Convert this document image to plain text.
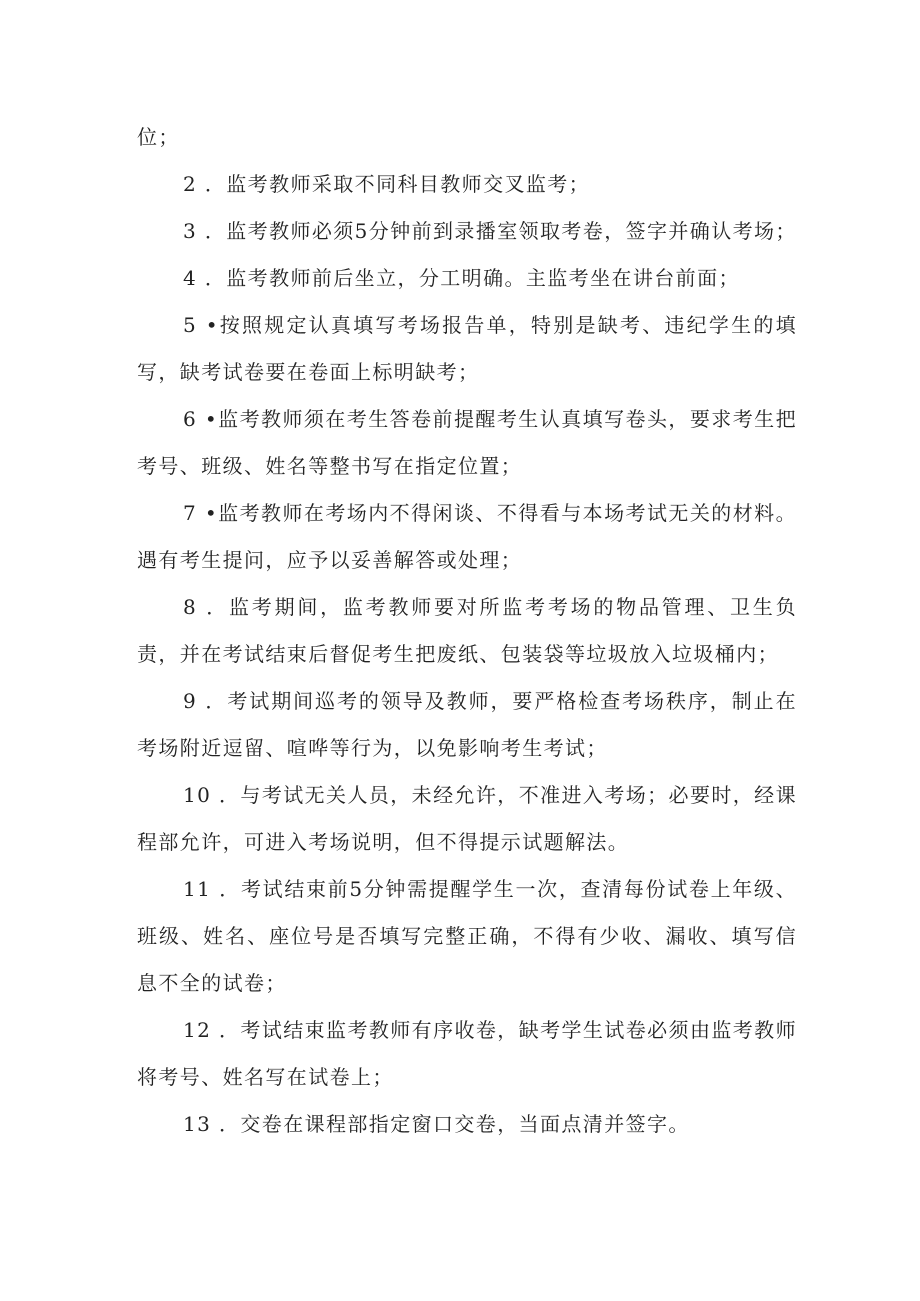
位；

2 ．监考教师采取不同科目教师交叉监考；

3 ．监考教师必须5分钟前到录播室领取考卷，签字并确认考场；

4 ．监考教师前后坐立，分工明确。主监考坐在讲台前面；

5 •按照规定认真填写考场报告单，特别是缺考、违纪学生的填写，缺考试卷要在卷面上标明缺考；

6 •监考教师须在考生答卷前提醒考生认真填写卷头，要求考生把考号、班级、姓名等整书写在指定位置；

7 •监考教师在考场内不得闲谈、不得看与本场考试无关的材料。遇有考生提问，应予以妥善解答或处理；

8 ．监考期间，监考教师要对所监考考场的物品管理、卫生负责，并在考试结束后督促考生把废纸、包装袋等垃圾放入垃圾桶内；

9 ．考试期间巡考的领导及教师，要严格检查考场秩序，制止在考场附近逗留、喧哗等行为，以免影响考生考试；

10 ．与考试无关人员，未经允许，不准进入考场；必要时，经课程部允许，可进入考场说明，但不得提示试题解法。

11 ．考试结束前5分钟需提醒学生一次，查清每份试卷上年级、班级、姓名、座位号是否填写完整正确，不得有少收、漏收、填写信息不全的试卷；

12 ．考试结束监考教师有序收卷，缺考学生试卷必须由监考教师将考号、姓名写在试卷上；

13 ．交卷在课程部指定窗口交卷，当面点清并签字。
